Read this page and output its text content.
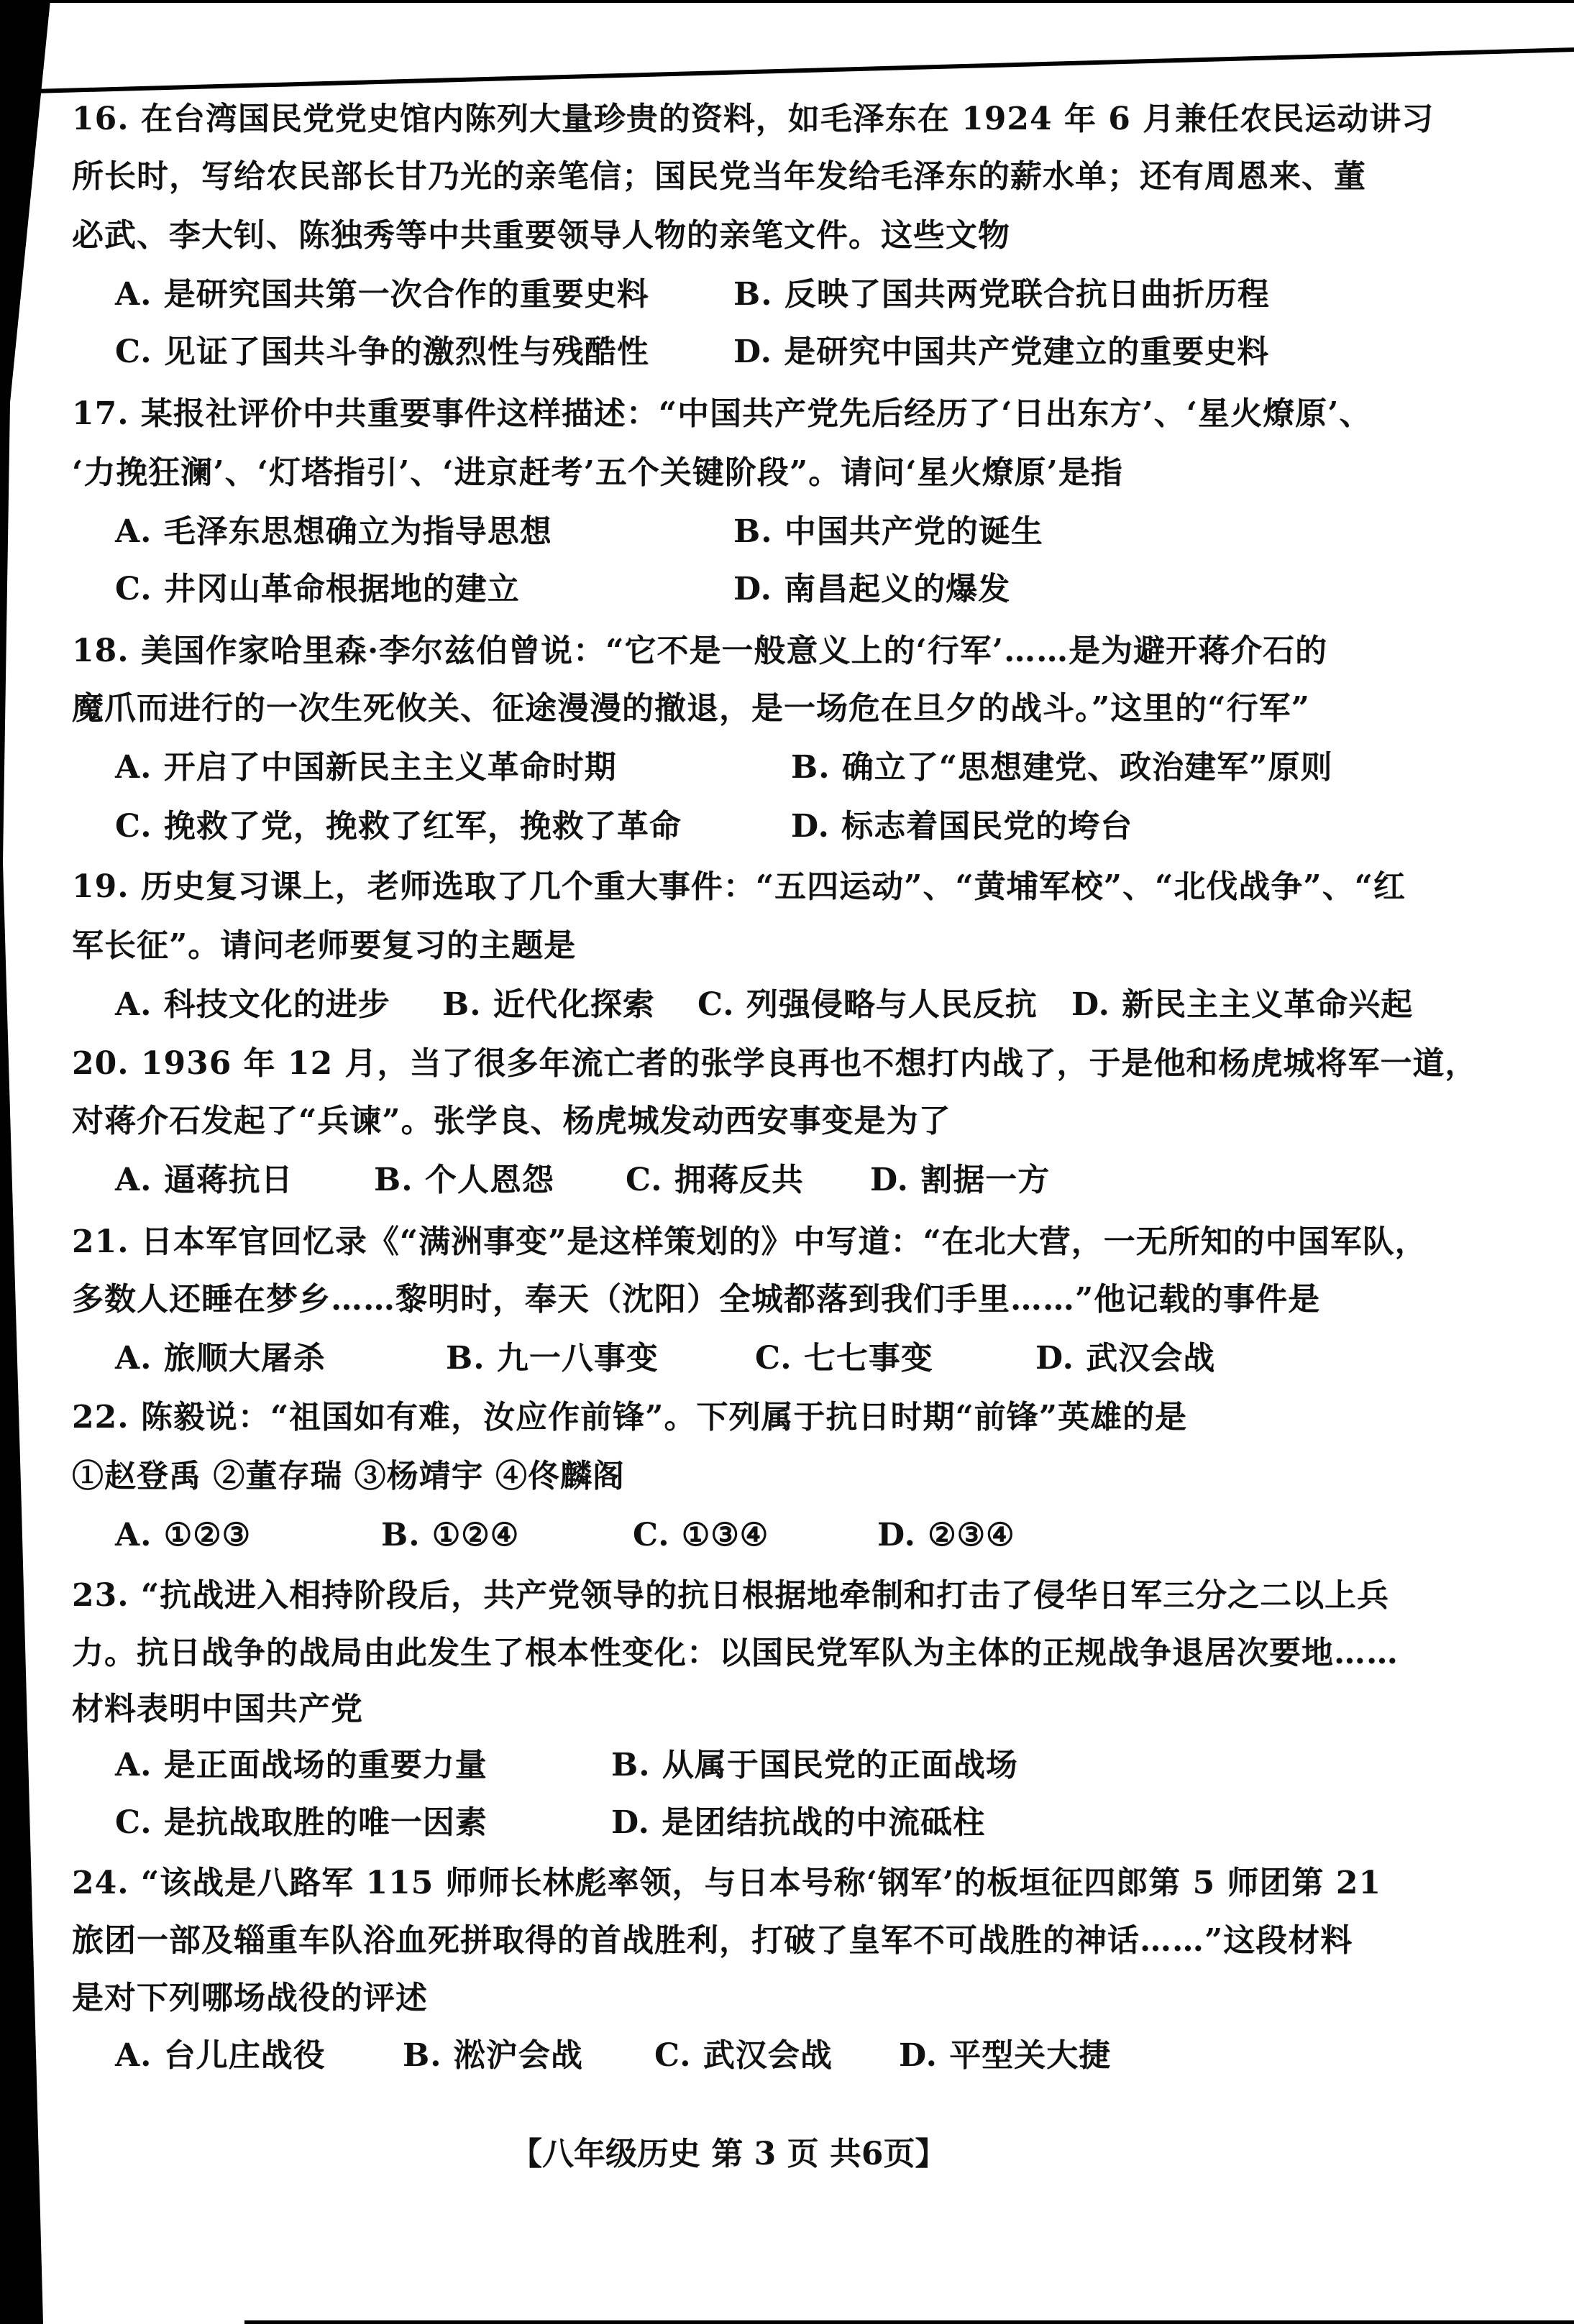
16. 在台湾国民党党史馆内陈列大量珍贵的资料，如毛泽东在 1924 年 6 月兼任农民运动讲习
所长时，写给农民部长甘乃光的亲笔信；国民党当年发给毛泽东的薪水单；还有周恩来、董
必武、李大钊、陈独秀等中共重要领导人物的亲笔文件。这些文物
A. 是研究国共第一次合作的重要史料	B. 反映了国共两党联合抗日曲折历程
C. 见证了国共斗争的激烈性与残酷性	D. 是研究中国共产党建立的重要史料
17. 某报社评价中共重要事件这样描述：“中国共产党先后经历了‘日出东方’、‘星火燎原’、
‘力挽狂澜’、‘灯塔指引’、‘进京赶考’五个关键阶段”。请问‘星火燎原’是指
A. 毛泽东思想确立为指导思想	B. 中国共产党的诞生
C. 井冈山革命根据地的建立	D. 南昌起义的爆发
18. 美国作家哈里森·李尔兹伯曾说：“它不是一般意义上的‘行军’……是为避开蒋介石的
魔爪而进行的一次生死攸关、征途漫漫的撤退，是一场危在旦夕的战斗。”这里的“行军”
A. 开启了中国新民主主义革命时期	B. 确立了“思想建党、政治建军”原则
C. 挽救了党，挽救了红军，挽救了革命	D. 标志着国民党的垮台
19. 历史复习课上，老师选取了几个重大事件：“五四运动”、“黄埔军校”、“北伐战争”、“红
军长征”。请问老师要复习的主题是
A. 科技文化的进步 B. 近代化探索 C. 列强侵略与人民反抗 D. 新民主主义革命兴起
20. 1936 年 12 月，当了很多年流亡者的张学良再也不想打内战了，于是他和杨虎城将军一道，
对蒋介石发起了“兵谏”。张学良、杨虎城发动西安事变是为了
A. 逼蒋抗日	B. 个人恩怨 C. 拥蒋反共 D. 割据一方
21. 日本军官回忆录《“满洲事变”是这样策划的》中写道：“在北大营，一无所知的中国军队，
多数人还睡在梦乡……黎明时，奉天（沈阳）全城都落到我们手里……”他记载的事件是
A. 旅顺大屠杀	B. 九一八事变	C. 七七事变	D. 武汉会战
22. 陈毅说：“祖国如有难，汝应作前锋”。下列属于抗日时期“前锋”英雄的是
①赵登禹 ②董存瑞 ③杨靖宇 ④佟麟阁
A. ①②③	B. ①②④	C. ①③④	D. ②③④
23. “抗战进入相持阶段后，共产党领导的抗日根据地牵制和打击了侵华日军三分之二以上兵
力。抗日战争的战局由此发生了根本性变化：以国民党军队为主体的正规战争退居次要地……
材料表明中国共产党
A. 是正面战场的重要力量	B. 从属于国民党的正面战场
C. 是抗战取胜的唯一因素	D. 是团结抗战的中流砥柱
24. “该战是八路军 115 师师长林彪率领，与日本号称‘钢军’的板垣征四郎第 5 师团第 21
旅团一部及辎重车队浴血死拼取得的首战胜利，打破了皇军不可战胜的神话……”这段材料
是对下列哪场战役的评述
A. 台儿庄战役 B. 淞沪会战 C. 武汉会战 D. 平型关大捷
【八年级历史 第 3 页 共6页】
